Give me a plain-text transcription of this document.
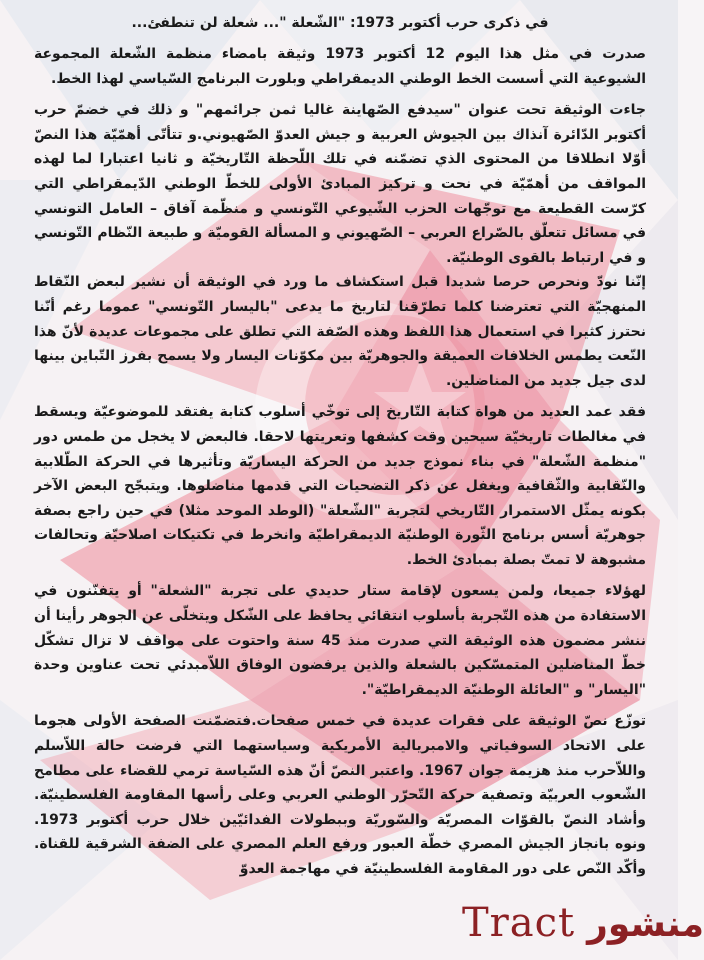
في ذكرى حرب أكتوبر 1973: "الشّعلة "... شعلة لن تنطفئ...

صدرت في مثل هذا اليوم 12 أكتوبر 1973 وثيقة بامضاء منظمة الشّعلة المجموعة الشيوعية التي أسست الخط الوطني الديمقراطي وبلورت البرنامج السّياسي لهذا الخط.

جاءت الوثيقة تحت عنوان "سيدفع الصّهاينة غاليا ثمن جرائمهم" و ذلك في خضمّ حرب أكتوبر الدّائرة آنذاك بين الجيوش العربية و جيش العدوّ الصّهيوني.و تتأتّى أهمّيّة هذا النصّ أوّلا انطلاقا من المحتوى الذي تضمّنه في تلك اللّحظة التّاريخيّة و ثانيا اعتبارا لما لهذه المواقف من أهمّيّة في نحت و تركيز المبادئ الأولى للخطّ الوطني الدّيمقراطي التي كرّست القطيعة مع توجّهات الحزب الشّيوعي التّونسي و منظّمة آفاق – العامل التونسي في مسائل تتعلّق بالصّراع العربي – الصّهيوني و المسألة القوميّة و طبيعة النّظام التّونسي و في ارتباط بالقوى الوطنيّة.

إنّنا نودّ ونحرص حرصا شديدا قبل استكشاف ما ورد في الوثيقة أن نشير لبعض النّقاط المنهجيّة التي تعترضنا كلما تطرّقنا لتاريخ ما يدعى "باليسار التّونسي" عموما رغم أنّنا نحترز كثيرا في استعمال هذا اللفظ وهذه الصّفة التي تطلق على مجموعات عديدة لأنّ هذا النّعت يطمس الخلافات العميقة والجوهريّة بين مكوّنات اليسار ولا يسمح بفرز التّباين بينها لدى جيل جديد من المناضلين.

فقد عمد العديد من هواة كتابة التّاريخ إلى توخّي أسلوب كتابة يفتقد للموضوعيّة ويسقط في مغالطات تاريخيّة سيحين وقت كشفها وتعريتها لاحقا. فالبعض لا يخجل من طمس دور "منظمة الشّعلة" في بناء نموذج جديد من الحركة اليساريّة وتأثيرها في الحركة الطّلابية والنّقابية والثّقافية ويغفل عن ذكر التضحيات التي قدمها مناضلوها. ويتبجّح البعض الآخر بكونه يمثّل الاستمرار التّاريخي لتجربة "الشّعلة" (الوطد الموحد مثلا) في حين راجع بصفة جوهريّة أسس برنامج الثّورة الوطنيّة الديمقراطيّة وانخرط في تكتيكات اصلاحيّة وتحالفات مشبوهة لا تمتّ بصلة بمبادئ الخط.

لهؤلاء جميعا، ولمن يسعون لإقامة ستار حديدي على تجربة "الشعلة" أو يتفنّنون في الاستفادة من هذه التّجربة بأسلوب انتقائي يحافظ على الشّكل ويتخلّى عن الجوهر رأينا أن ننشر مضمون هذه الوثيقة التي صدرت منذ 45 سنة واحتوت على مواقف لا تزال تشكّل خطّ المناضلين المتمسّكين بالشعلة والذين يرفضون الوفاق اللاّمبدئي تحت عناوين وحدة "اليسار" و "العائلة الوطنيّة الديمقراطيّة".

توزّع نصّ الوثيقة على فقرات عديدة في خمس صفحات.فتضمّنت الصفحة الأولى هجوما على الاتحاد السوفياتي والامبريالية الأمريكية وسياستهما التي فرضت حالة اللاّسلم واللاّحرب منذ هزيمة جوان 1967. واعتبر النصّ أنّ هذه السّياسة ترمي للقضاء على مطامح الشّعوب العربيّة وتصفية حركة التّحرّر الوطني العربي وعلى رأسها المقاومة الفلسطينيّة. وأشاد النصّ بالقوّات المصريّة والسّوريّة وببطولات الفدائيّين خلال حرب أكتوبر 1973. ونوه بانجاز الجيش المصري خطّة العبور ورفع العلم المصري على الضفة الشرقية للقناة. وأكّد النّص على دور المقاومة الفلسطينيّة في مهاجمة العدوّ

Tract منشور
